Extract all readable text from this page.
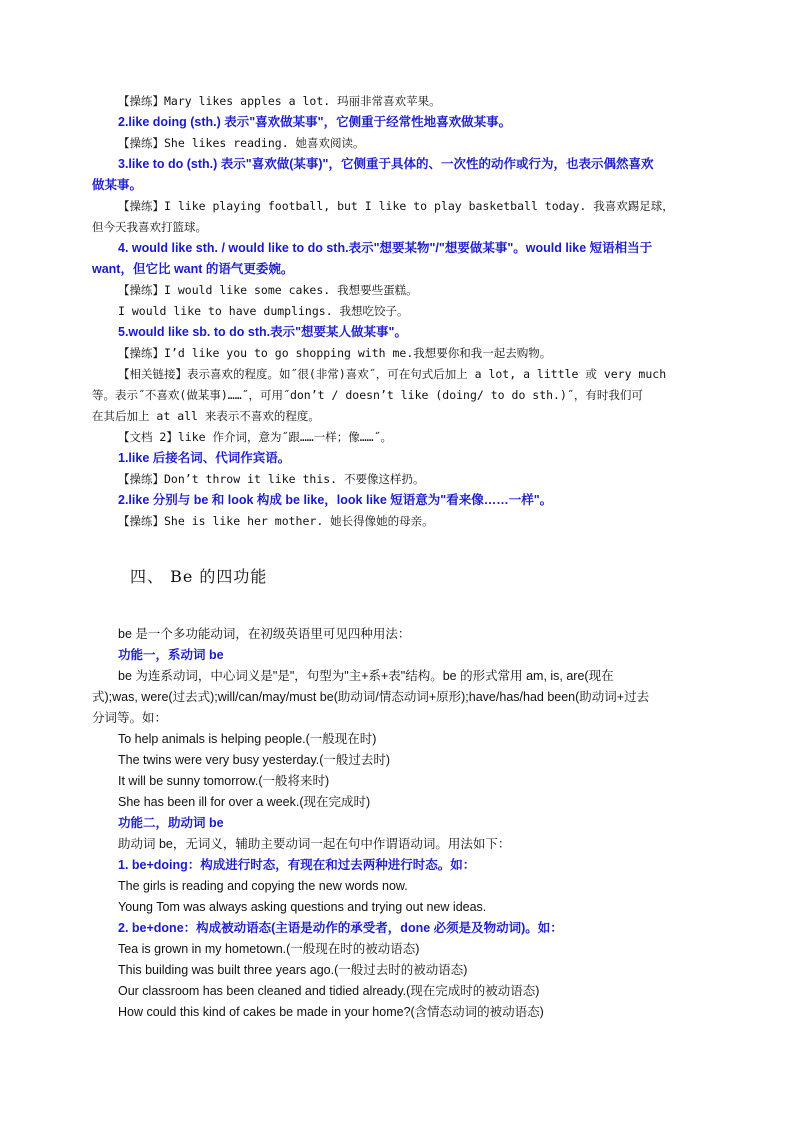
【操练】Mary likes apples a lot. 玛丽非常喜欢苹果。
2.like doing (sth.) 表示"喜欢做某事"，它侧重于经常性地喜欢做某事。
【操练】She likes reading. 她喜欢阅读。
3.like to do (sth.) 表示"喜欢做(某事)"，它侧重于具体的、一次性的动作或行为，也表示偶然喜欢
做某事。
【操练】I like playing football, but I like to play basketball today. 我喜欢踢足球，
但今天我喜欢打篮球。
4. would like sth. / would like to do sth.表示"想要某物"/"想要做某事"。would like 短语相当于
want，但它比 want 的语气更委婉。
【操练】I would like some cakes. 我想要些蛋糕。
I would like to have dumplings. 我想吃饺子。
5.would like sb. to do sth.表示"想要某人做某事"。
【操练】I’d like you to go shopping with me.我想要你和我一起去购物。
【相关链接】表示喜欢的程度。如˝很(非常)喜欢˝，可在句式后加上 a lot, a little 或 very much
等。表示˝不喜欢(做某事)……˝，可用˝don’t / doesn’t like (doing/ to do sth.)˝，有时我们可
在其后加上 at all 来表示不喜欢的程度。
【文档 2】like 作介词，意为˝跟……一样；像……˝。
1.like 后接名词、代词作宾语。
【操练】Don’t throw it like this. 不要像这样扔。
2.like 分别与 be 和 look 构成 be like，look like 短语意为"看来像……一样"。
【操练】She is like her mother. 她长得像她的母亲。
四、 Be 的四功能
be 是一个多功能动词，在初级英语里可见四种用法：
功能一，系动词 be
be 为连系动词，中心词义是"是"，句型为"主+系+表"结构。be 的形式常用 am, is, are(现在
式);was, were(过去式);will/can/may/must be(助动词/情态动词+原形);have/has/had been(助动词+过去
分词等。如：
To help animals is helping people.(一般现在时)
The twins were very busy yesterday.(一般过去时)
It will be sunny tomorrow.(一般将来时)
She has been ill for over a week.(现在完成时)
功能二，助动词 be
助动词 be，无词义，辅助主要动词一起在句中作谓语动词。用法如下：
1. be+doing：构成进行时态，有现在和过去两种进行时态。如：
The girls is reading and copying the new words now.
Young Tom was always asking questions and trying out new ideas.
2. be+done：构成被动语态(主语是动作的承受者，done 必须是及物动词)。如：
Tea is grown in my hometown.(一般现在时的被动语态)
This building was built three years ago.(一般过去时的被动语态)
Our classroom has been cleaned and tidied already.(现在完成时的被动语态)
How could this kind of cakes be made in your home?(含情态动词的被动语态)
